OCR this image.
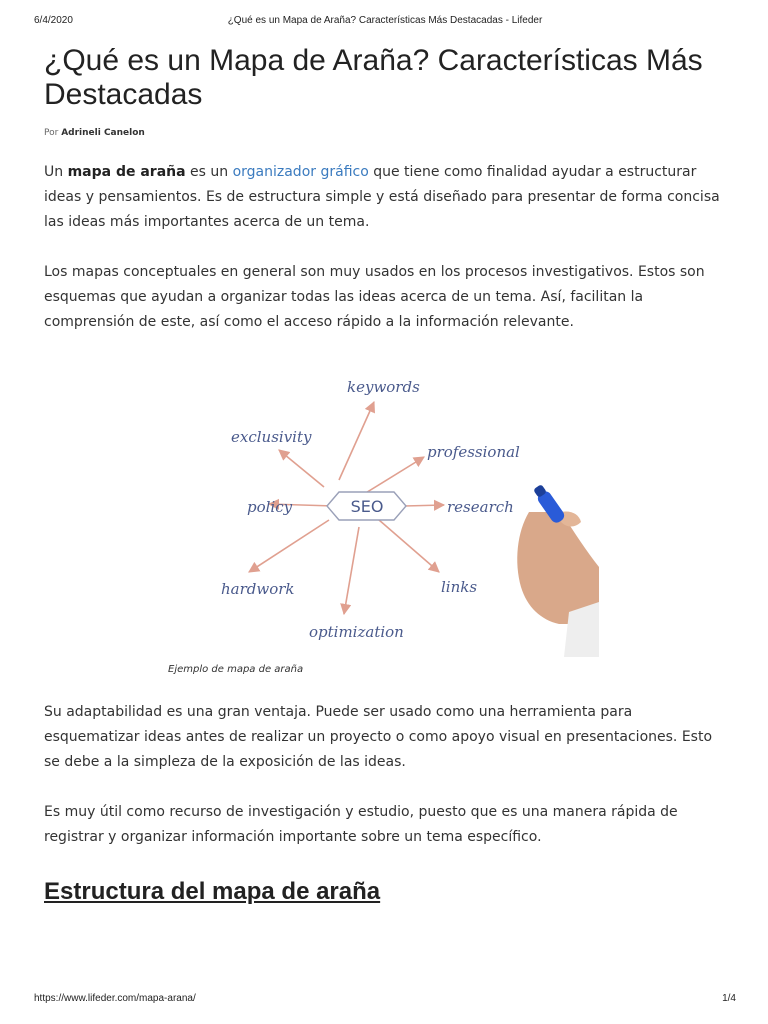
6/4/2020	¿Qué es un Mapa de Araña? Características Más Destacadas - Lifeder
¿Qué es un Mapa de Araña? Características Más Destacadas
Por Adrineli Canelon

Un mapa de araña es un organizador gráfico que tiene como finalidad ayudar a estructurar ideas y pensamientos. Es de estructura simple y está diseñado para presentar de forma concisa las ideas más importantes acerca de un tema.

Los mapas conceptuales en general son muy usados en los procesos investigativos. Estos son esquemas que ayudan a organizar todas las ideas acerca de un tema. Así, facilitan la comprensión de este, así como el acceso rápido a la información relevante.

SEO
keywords
exclusivity
professional
policy	research
hardwork	links
optimization
Ejemplo de mapa de araña

Su adaptabilidad es una gran ventaja. Puede ser usado como una herramienta para esquematizar ideas antes de realizar un proyecto o como apoyo visual en presentaciones. Esto se debe a la simpleza de la exposición de las ideas.

Es muy útil como recurso de investigación y estudio, puesto que es una manera rápida de registrar y organizar información importante sobre un tema específico.

Estructura del mapa de araña
https://www.lifeder.com/mapa-arana/	1/4
